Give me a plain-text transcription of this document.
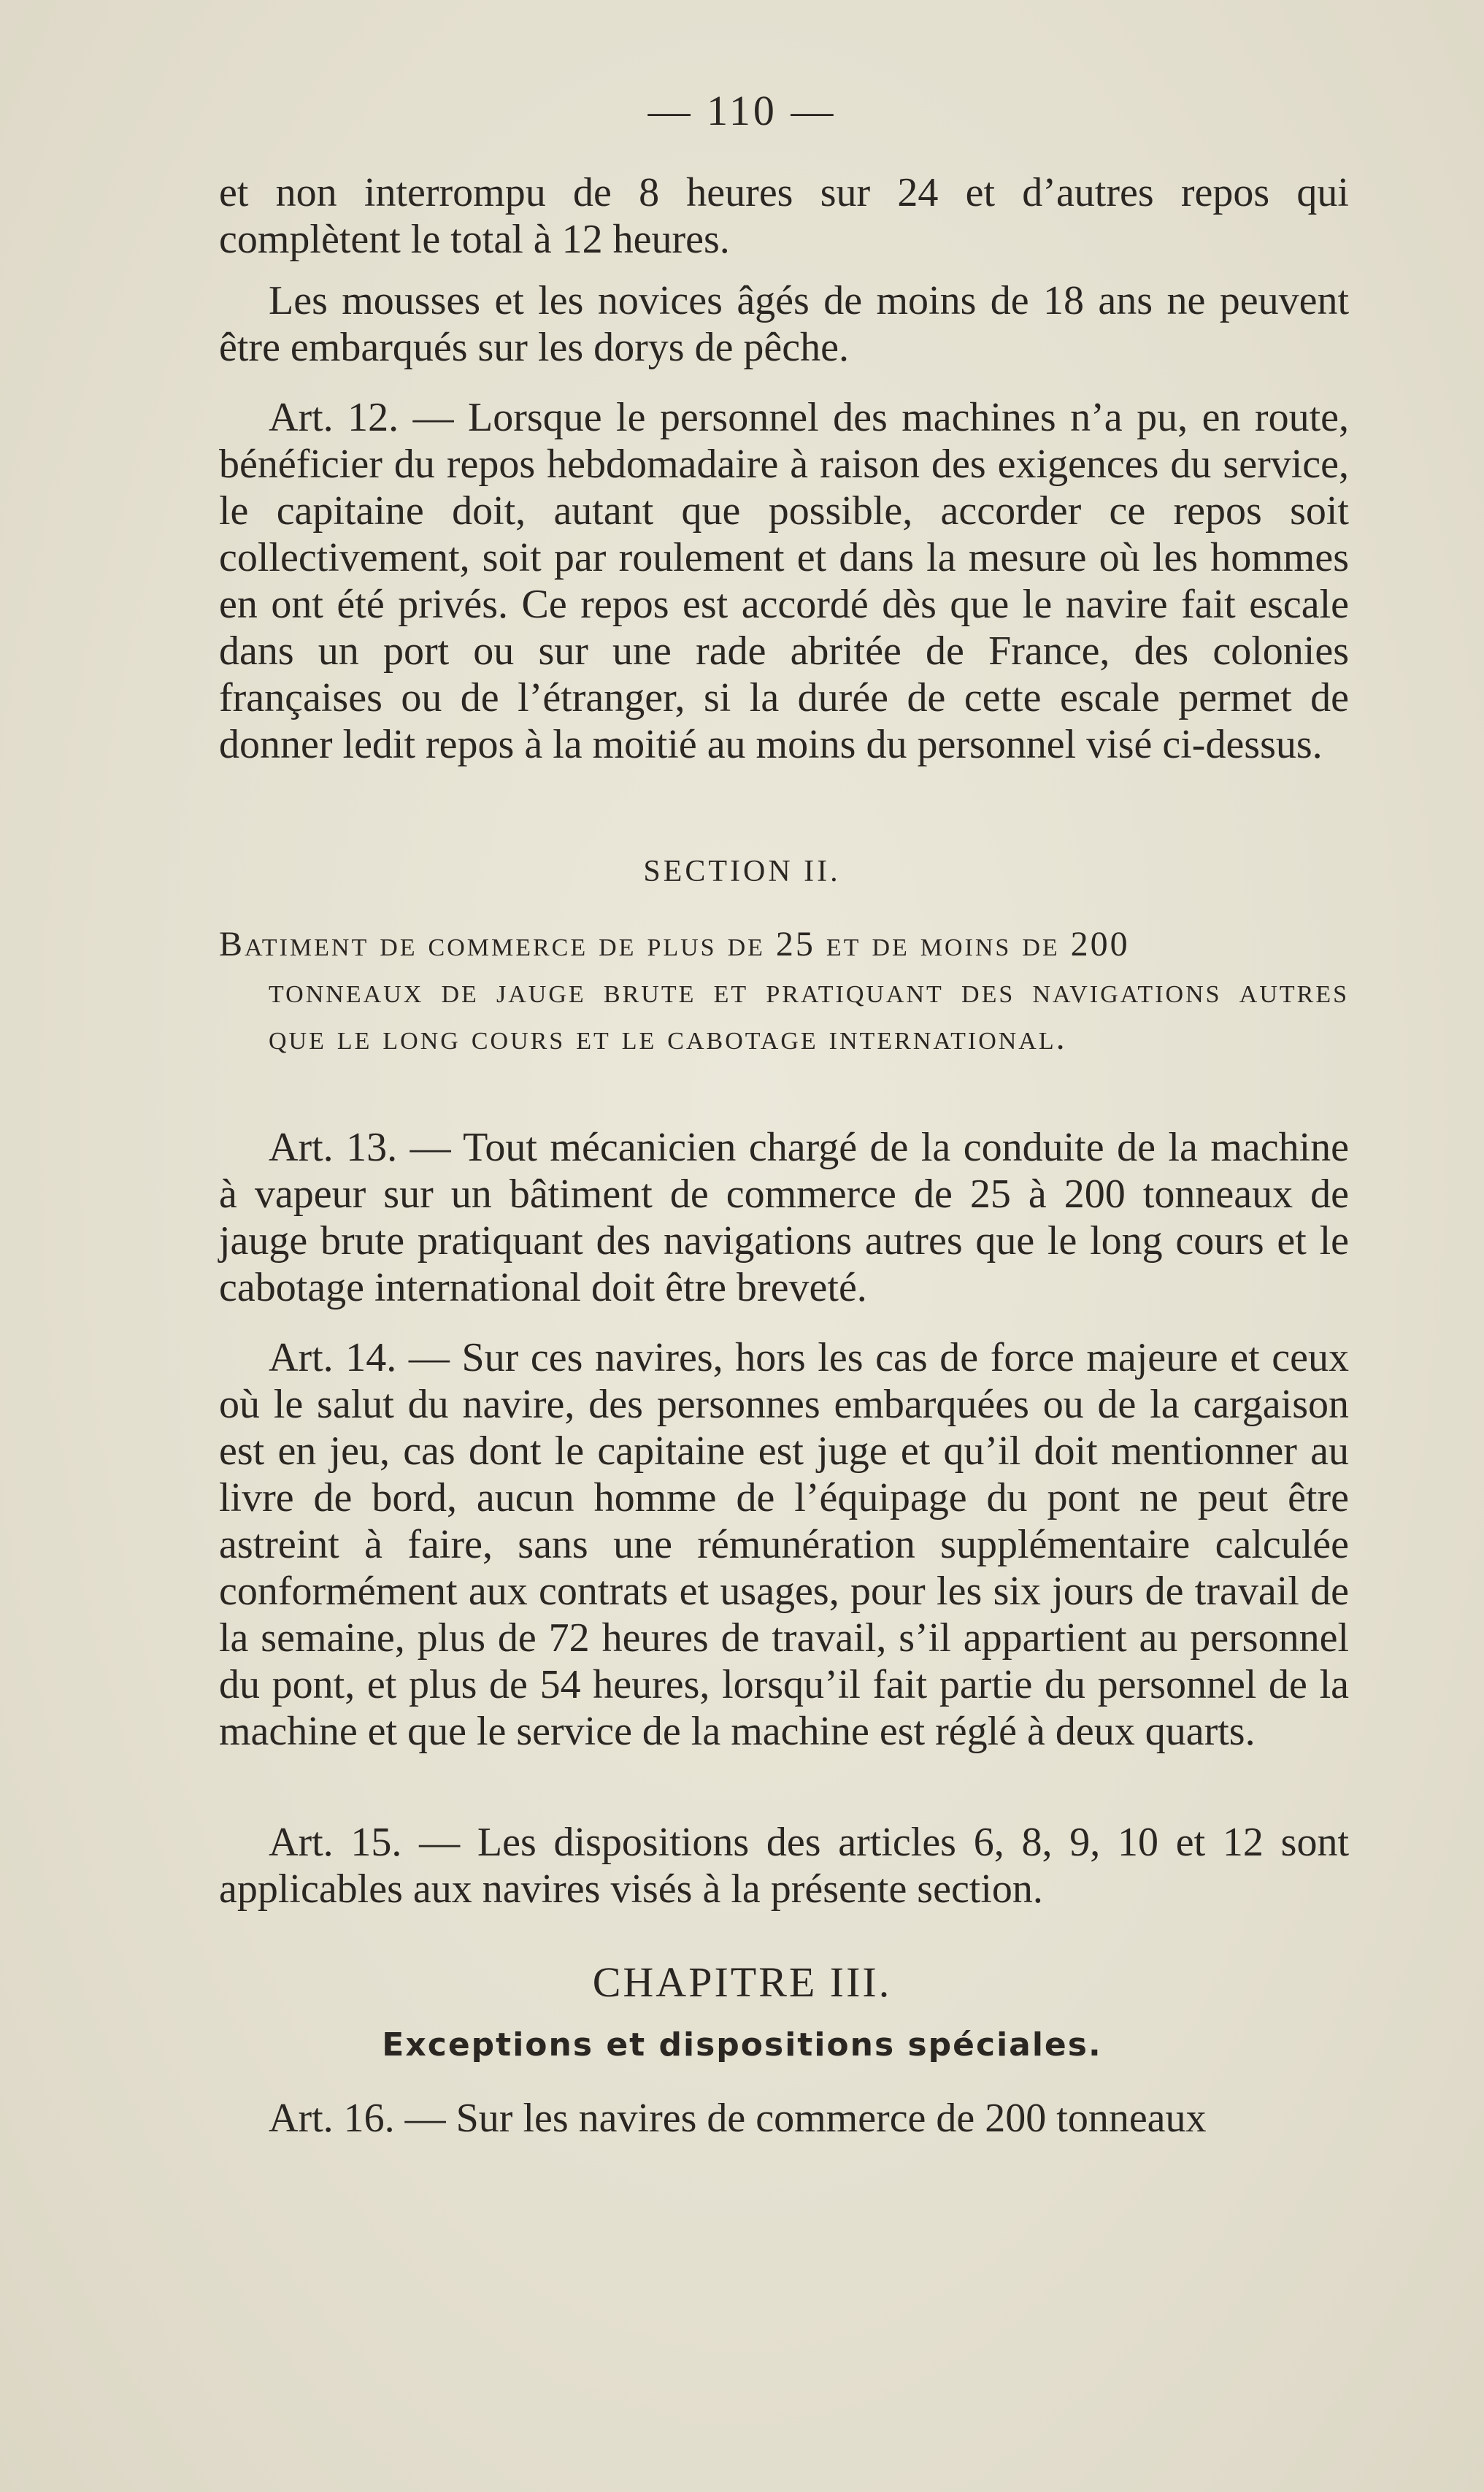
— 110 —

et non interrompu de 8 heures sur 24 et d’autres repos qui complètent le total à 12 heures.

Les mousses et les novices âgés de moins de 18 ans ne peuvent être embarqués sur les dorys de pêche.

Art. 12. — Lorsque le personnel des machines n’a pu, en route, bénéficier du repos hebdomadaire à raison des exigences du service, le capitaine doit, autant que possible, accorder ce repos soit collectivement, soit par roulement et dans la mesure où les hommes en ont été privés. Ce repos est accordé dès que le navire fait escale dans un port ou sur une rade abritée de France, des colonies françaises ou de l’étranger, si la durée de cette escale permet de donner ledit repos à la moitié au moins du personnel visé ci-dessus.

SECTION II.

Batiment de commerce de plus de 25 et de moins de 200
tonneaux de jauge brute et pratiquant des navigations autres que le long cours et le cabotage international.

Art. 13. — Tout mécanicien chargé de la conduite de la machine à vapeur sur un bâtiment de commerce de 25 à 200 tonneaux de jauge brute pratiquant des navigations autres que le long cours et le cabotage international doit être breveté.

Art. 14. — Sur ces navires, hors les cas de force majeure et ceux où le salut du navire, des personnes embarquées ou de la cargaison est en jeu, cas dont le capitaine est juge et qu’il doit mentionner au livre de bord, aucun homme de l’équipage du pont ne peut être astreint à faire, sans une rémunération supplémentaire calculée conformément aux contrats et usages, pour les six jours de travail de la semaine, plus de 72 heures de travail, s’il appartient au personnel du pont, et plus de 54 heures, lorsqu’il fait partie du personnel de la machine et que le service de la machine est réglé à deux quarts.

Art. 15. — Les dispositions des articles 6, 8, 9, 10 et 12 sont applicables aux navires visés à la présente section.

CHAPITRE III.
Exceptions et dispositions spéciales.

Art. 16. — Sur les navires de commerce de 200 tonneaux
